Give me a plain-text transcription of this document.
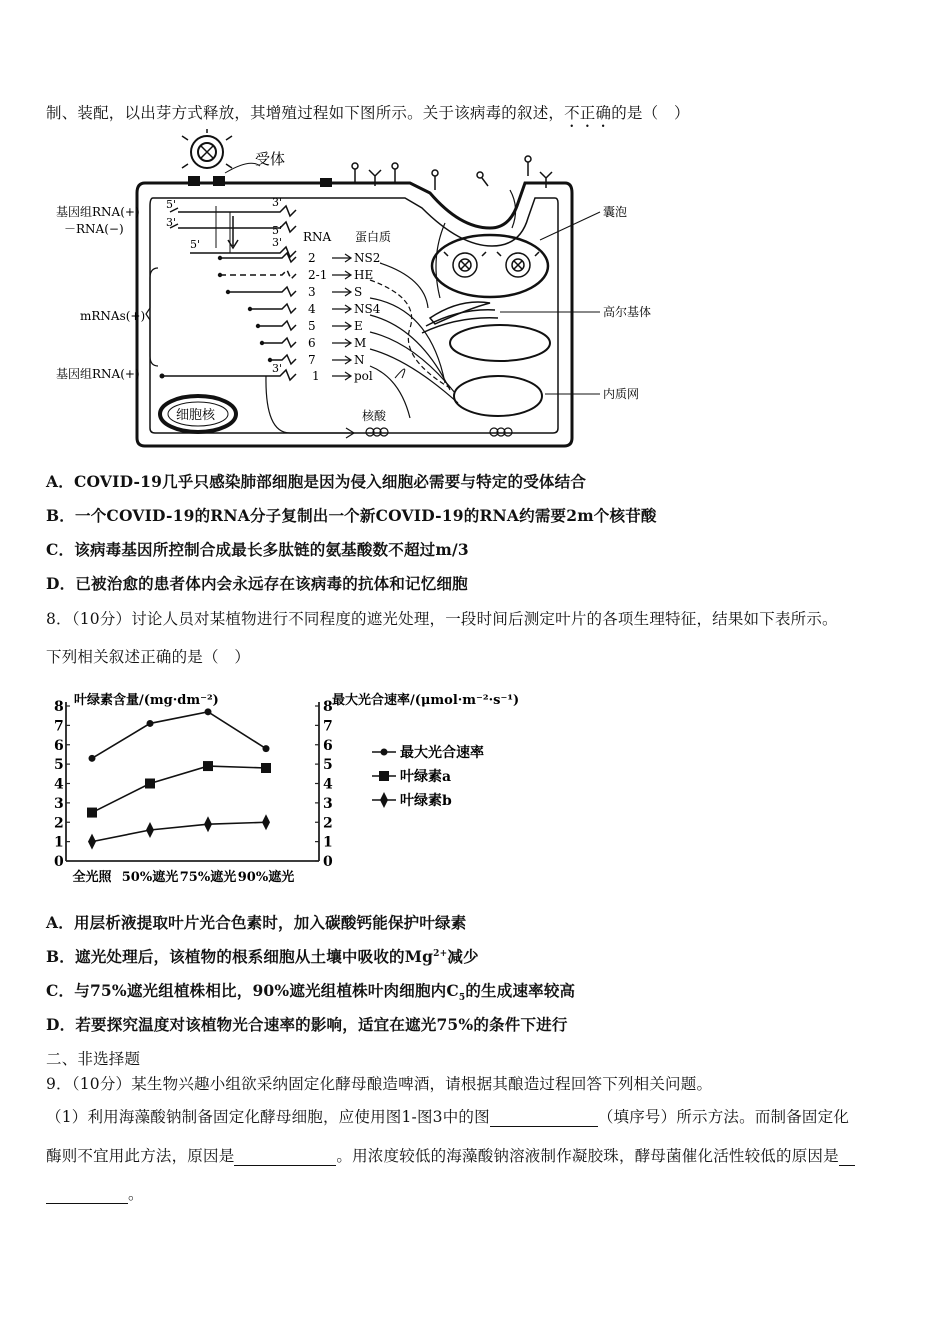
制、装配，以出芽方式释放，其增殖过程如下图所示。关于该病毒的叙述，不正确的是（　）
受体
基因组RNA(+)
－RNA(−)
5'
3'
3'
5'
5'	3' RNA 蛋白质
mRNAs(+)
基因组RNA(+)	3'
2	NS2
2-1 HE
3	S
4	NS4
5	E
6	M
7	N
1	pol
细胞核	核酸
囊泡
高尔基体
内质网
A．COVID-19几乎只感染肺部细胞是因为侵入细胞必需要与特定的受体结合
B．一个COVID-19的RNA分子复制出一个新COVID-19的RNA约需要2m个核苷酸
C．该病毒基因所控制合成最长多肽链的氨基酸数不超过m/3
D．已被治愈的患者体内会永远存在该病毒的抗体和记忆细胞
8．（10分）讨论人员对某植物进行不同程度的遮光处理，一段时间后测定叶片的各项生理特征，结果如下表所示。
下列相关叙述正确的是（　）
0	0
1	1
2	2
3	3
4	4
5	5
6	6
7	7
8	8
叶绿素含量/(mg·dm⁻²)	最大光合速率/(μmol·m⁻²·s⁻¹)
全光照 50%遮光 75%遮光 90%遮光
最大光合速率
叶绿素a
叶绿素b
A．用层析液提取叶片光合色素时，加入碳酸钙能保护叶绿素
B．遮光处理后，该植物的根系细胞从土壤中吸收的$Mg^{2+}$减少
C．与75%遮光组植株相比，90%遮光组植株叶肉细胞内$C_5$的生成速率较高
D．若要探究温度对该植物光合速率的影响，适宜在遮光75%的条件下进行
二、非选择题
9．（10分）某生物兴趣小组欲采纳固定化酵母酿造啤酒，请根据其酿造过程回答下列相关问题。
（1）利用海藻酸钠制备固定化酵母细胞，应使用图1-图3中的图	（填序号）所示方法。而制备固定化
酶则不宜用此方法，原因是	。用浓度较低的海藻酸钠溶液制作凝胶珠，酵母菌催化活性较低的原因是
。
